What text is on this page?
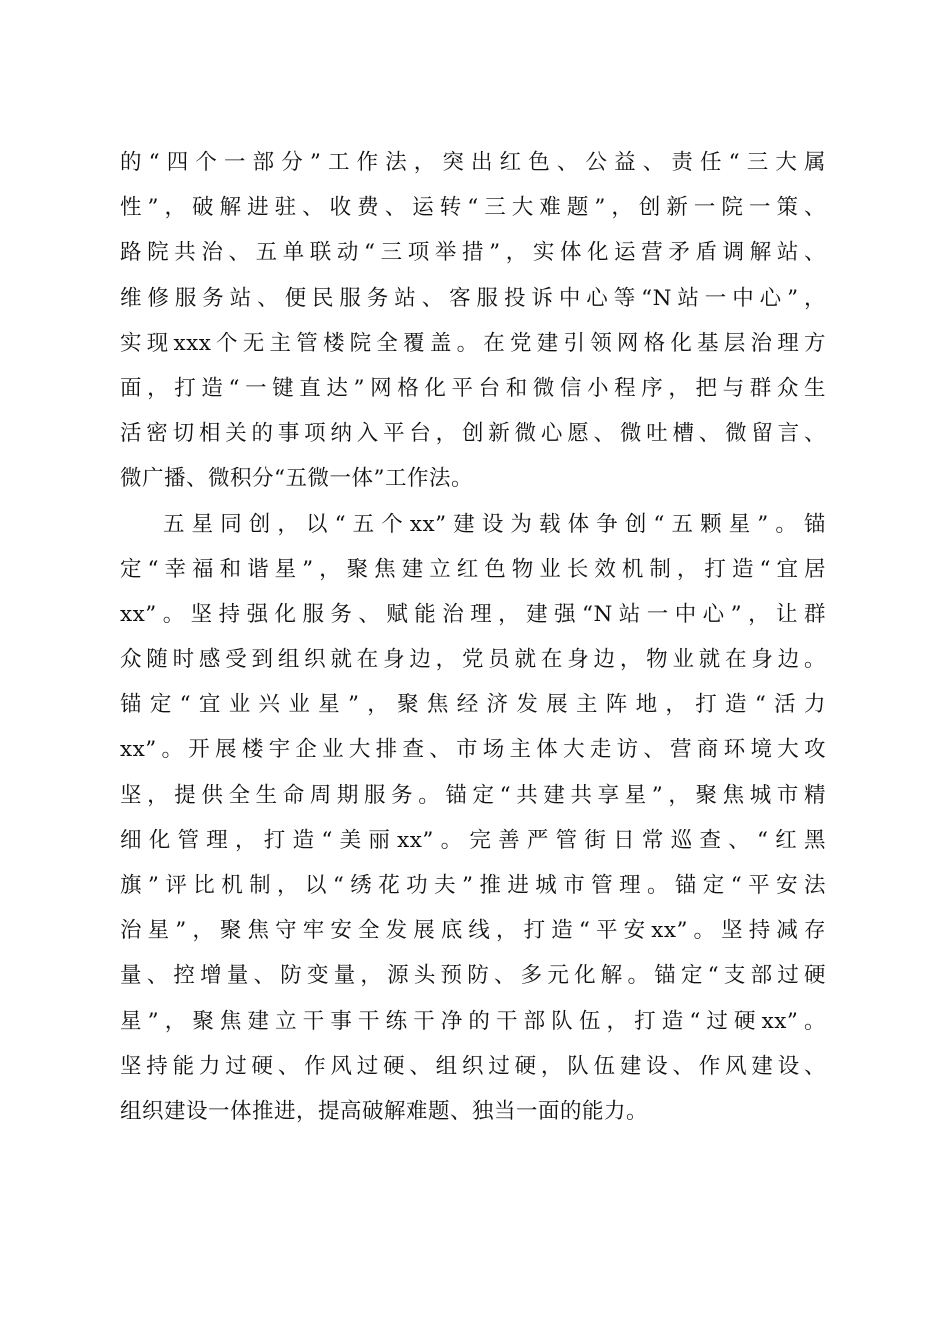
的“四个一部分”工作法，突出红色、公益、责任“三大属
性”，破解进驻、收费、运转“三大难题”，创新一院一策、
路院共治、五单联动“三项举措”，实体化运营矛盾调解站、
维修服务站、便民服务站、客服投诉中心等“N站一中心”，
实现xxx个无主管楼院全覆盖。在党建引领网格化基层治理方
面，打造“一键直达”网格化平台和微信小程序，把与群众生
活密切相关的事项纳入平台，创新微心愿、微吐槽、微留言、
微广播、微积分“五微一体”工作法。
五星同创，以“五个xx”建设为载体争创“五颗星”。锚
定“幸福和谐星”，聚焦建立红色物业长效机制，打造“宜居
xx”。坚持强化服务、赋能治理，建强“N站一中心”，让群
众随时感受到组织就在身边，党员就在身边，物业就在身边。
锚定“宜业兴业星”，聚焦经济发展主阵地，打造“活力
xx”。开展楼宇企业大排查、市场主体大走访、营商环境大攻
坚，提供全生命周期服务。锚定“共建共享星”，聚焦城市精
细化管理，打造“美丽xx”。完善严管街日常巡查、“红黑
旗”评比机制，以“绣花功夫”推进城市管理。锚定“平安法
治星”，聚焦守牢安全发展底线，打造“平安xx”。坚持减存
量、控增量、防变量，源头预防、多元化解。锚定“支部过硬
星”，聚焦建立干事干练干净的干部队伍，打造“过硬xx”。
坚持能力过硬、作风过硬、组织过硬，队伍建设、作风建设、
组织建设一体推进，提高破解难题、独当一面的能力。
